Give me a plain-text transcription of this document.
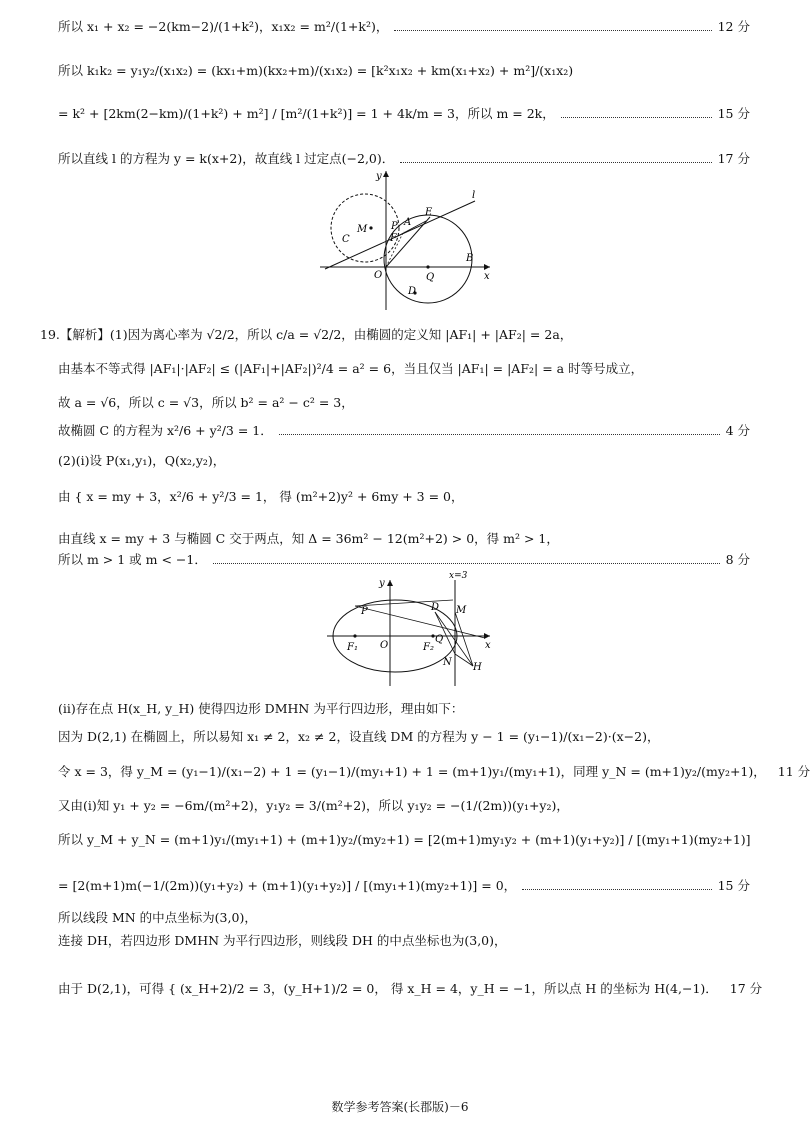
所以 x₁ + x₂ = −2(km−2)/(1+k²)，x₁x₂ = m²/(1+k²)，	12 分
所以 k₁k₂ = y₁y₂/(x₁x₂) = (kx₁+m)(kx₂+m)/(x₁x₂) = [k²x₁x₂ + km(x₁+x₂) + m²]/(x₁x₂)
= k² + [2km(2−km)/(1+k²) + m²] / [m²/(1+k²)] = 1 + 4k/m = 3，所以 m = 2k，	15 分
所以直线 l 的方程为 y = k(x+2)，故直线 l 过定点(−2,0)．	17 分
y
x
l
C
M P A
E
F
O	Q
B
D
19.【解析】(1)因为离心率为 √2/2，所以 c/a = √2/2，由椭圆的定义知 |AF₁| + |AF₂| = 2a，
由基本不等式得 |AF₁|·|AF₂| ≤ (|AF₁|+|AF₂|)²/4 = a² = 6，当且仅当 |AF₁| = |AF₂| = a 时等号成立，
故 a = √6，所以 c = √3，所以 b² = a² − c² = 3，
故椭圆 C 的方程为 x²/6 + y²/3 = 1．	4 分
(2)(ⅰ)设 P(x₁,y₁)，Q(x₂,y₂)，
由 { x = my + 3，x²/6 + y²/3 = 1， 得 (m²+2)y² + 6my + 3 = 0，
由直线 x = my + 3 与椭圆 C 交于两点，知 Δ = 36m² − 12(m²+2) > 0，得 m² > 1，
所以 m > 1 或 m < −1．	8 分
y
x
x=3
P	D M
O
Q
F₁	F₂
N H
(ⅱ)存在点 H(x_H, y_H) 使得四边形 DMHN 为平行四边形，理由如下：
因为 D(2,1) 在椭圆上，所以易知 x₁ ≠ 2，x₂ ≠ 2，设直线 DM 的方程为 y − 1 = (y₁−1)/(x₁−2)·(x−2)，
令 x = 3，得 y_M = (y₁−1)/(x₁−2) + 1 = (y₁−1)/(my₁+1) + 1 = (m+1)y₁/(my₁+1)，同理 y_N = (m+1)y₂/(my₂+1)， 11 分
又由(ⅰ)知 y₁ + y₂ = −6m/(m²+2)，y₁y₂ = 3/(m²+2)，所以 y₁y₂ = −(1/(2m))(y₁+y₂)，
所以 y_M + y_N = (m+1)y₁/(my₁+1) + (m+1)y₂/(my₂+1) = [2(m+1)my₁y₂ + (m+1)(y₁+y₂)] / [(my₁+1)(my₂+1)]
= [2(m+1)m(−1/(2m))(y₁+y₂) + (m+1)(y₁+y₂)] / [(my₁+1)(my₂+1)] = 0，	15 分
所以线段 MN 的中点坐标为(3,0)，
连接 DH，若四边形 DMHN 为平行四边形，则线段 DH 的中点坐标也为(3,0)，
由于 D(2,1)，可得 { (x_H+2)/2 = 3，(y_H+1)/2 = 0， 得 x_H = 4，y_H = −1，所以点 H 的坐标为 H(4,−1)． 17 分
数学参考答案(长郡版)－6
